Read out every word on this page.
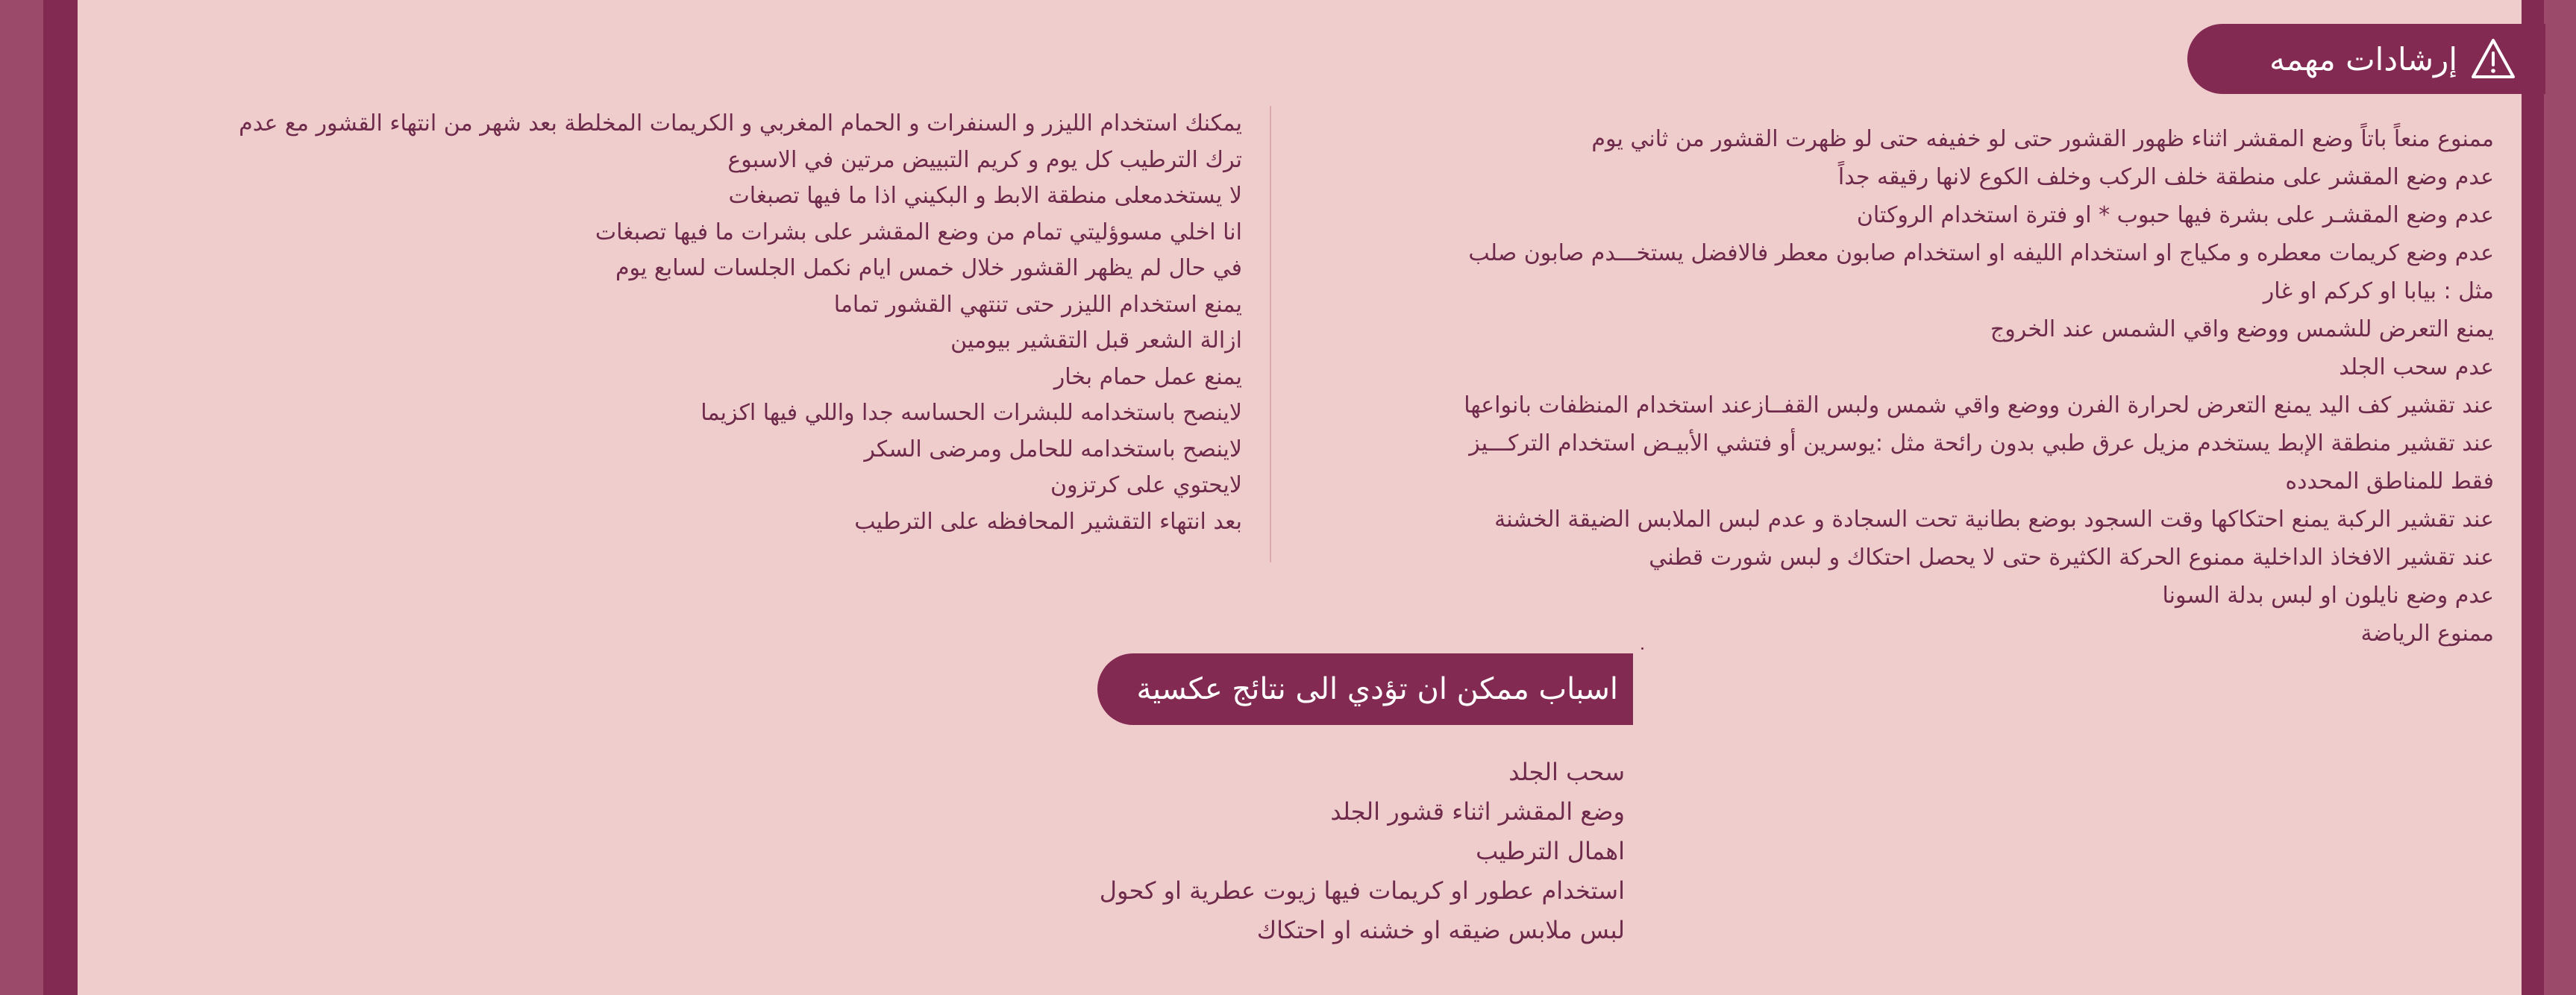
إرشادات مهمه
ممنوع منعاً باتاً وضع المقشر اثناء ظهور القشور حتى لو خفيفه حتى لو ظهرت القشور من ثاني يوم
عدم وضع المقشر على منطقة خلف الركب وخلف الكوع لانها رقيقه جداً
عدم وضع المقشـر على بشرة فيها حبوب * او فترة استخدام الروكتان
عدم وضع كريمات معطره و مكياج او استخدام الليفه او استخدام صابون معطر فالافضل يستخـــدم صابون صلب
مثل : بيابا او كركم او غار
يمنع التعرض للشمس ووضع واقي الشمس عند الخروج
عدم سحب الجلد
عند تقشير كف اليد يمنع التعرض لحرارة الفرن ووضع واقي شمس ولبس القفــازعند استخدام المنظفات بانواعها
عند تقشير منطقة الإبط يستخدم مزيل عرق طبي بدون رائحة مثل :يوسرين أو فتشي الأبيـض استخدام التركـــيز
فقط للمناطق المحدده
عند تقشير الركبة يمنع احتكاكها وقت السجود بوضع بطانية تحت السجادة و عدم لبس الملابس الضيقة الخشنة
عند تقشير الافخاذ الداخلية ممنوع الحركة الكثيرة حتى لا يحصل احتكاك و لبس شورت قطني
عدم وضع نايلون او لبس بدلة السونا
ممنوع الرياضة
يمكنك استخدام الليزر و السنفرات و الحمام المغربي و الكريمات المخلطة بعد شهر من انتهاء القشور مع عدم
ترك الترطيب كل يوم و كريم التبييض مرتين في الاسبوع
لا يستخدمعلى منطقة الابط و البكيني اذا ما فيها تصبغات
انا اخلي مسوؤليتي تمام من وضع المقشر على بشرات ما فيها تصبغات
في حال لم يظهر القشور خلال خمس ايام نكمل الجلسات لسابع يوم
يمنع استخدام الليزر حتى تنتهي القشور تماما
ازالة الشعر قبل التقشير بيومين
يمنع عمل حمام بخار
لاينصح باستخدامه للبشرات الحساسه جدا واللي فيها اكزيما
لاينصح باستخدامه للحامل ومرضى السكر
لايحتوي على كرتزون
بعد انتهاء التقشير المحافظه على الترطيب
اسباب ممكن ان تؤدي الى نتائج عكسية
سحب الجلد
وضع المقشر اثناء قشور الجلد
اهمال الترطيب
استخدام عطور او كريمات فيها زيوت عطرية او كحول
لبس ملابس ضيقه او خشنه او احتكاك
